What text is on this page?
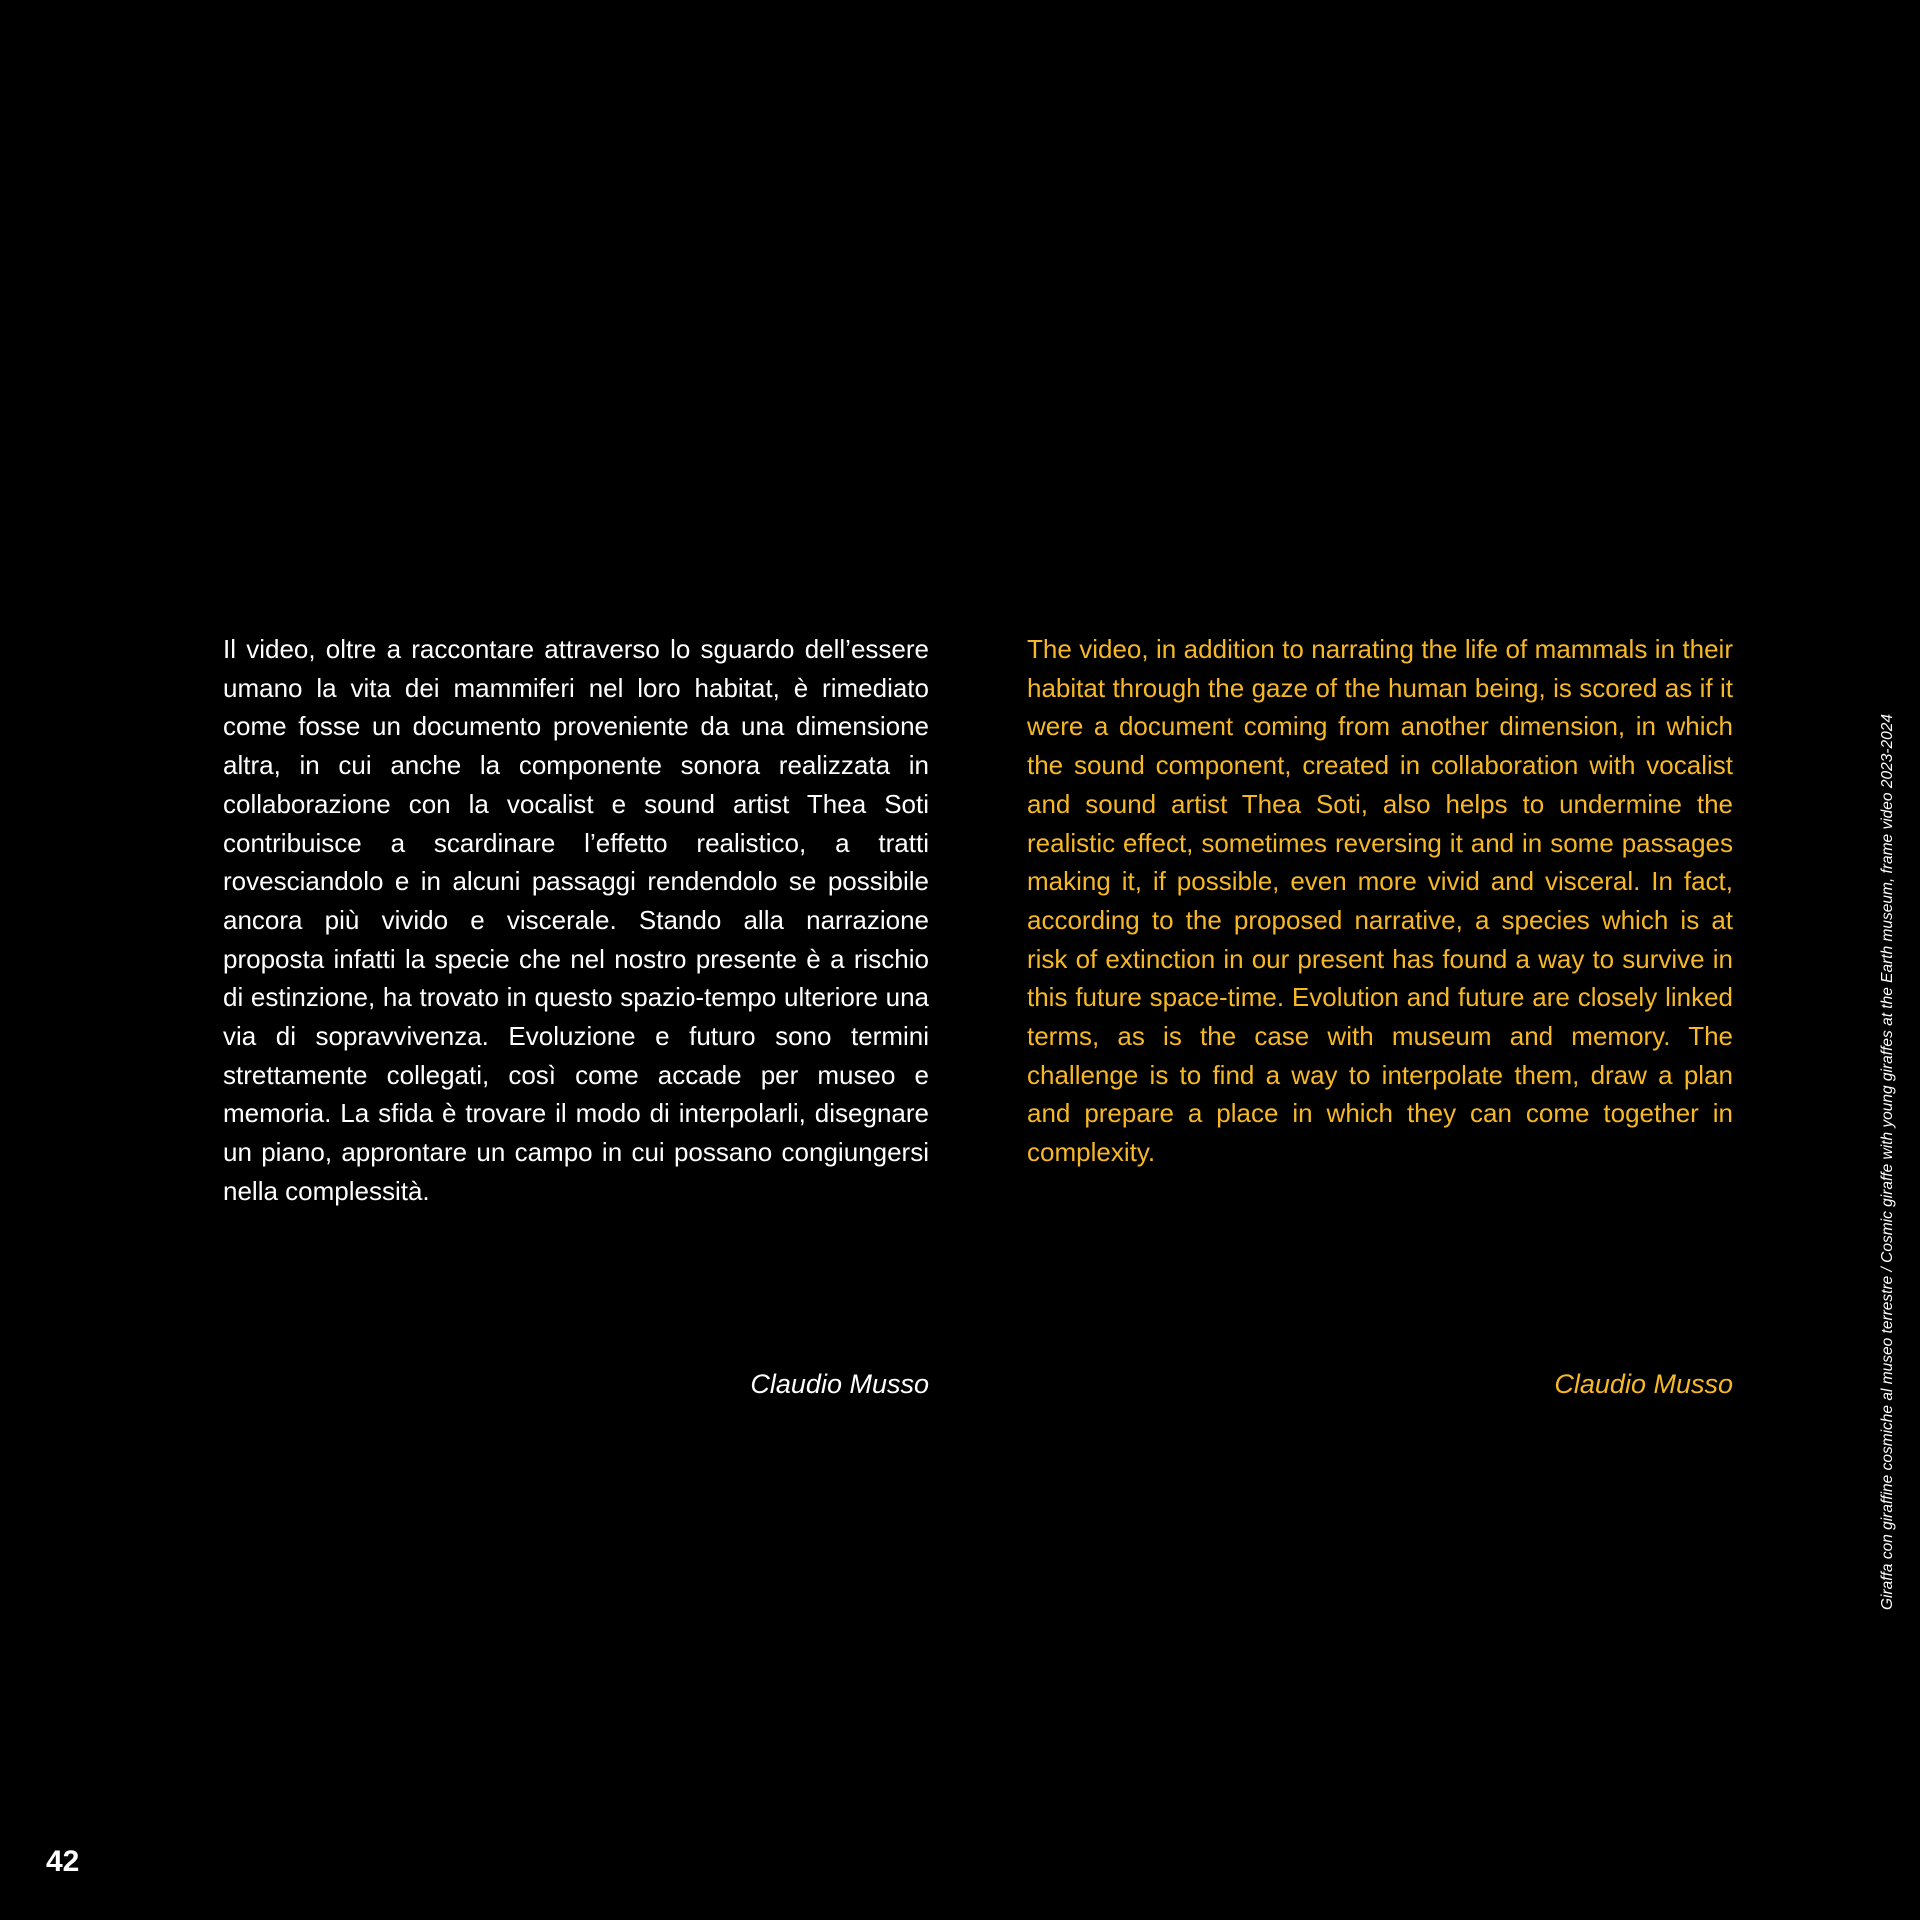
Il video, oltre a raccontare attraverso lo sguardo dell’essere umano la vita dei mammiferi nel loro habitat, è rimediato come fosse un documento proveniente da una dimensione altra, in cui anche la componente sonora realizzata in collaborazione con la vocalist e sound artist Thea Soti contribuisce a scardinare l’effetto realistico, a tratti rovesciandolo e in alcuni passaggi rendendolo se possibile ancora più vivido e viscerale. Stando alla narrazione proposta infatti la specie che nel nostro presente è a rischio di estinzione, ha trovato in questo spazio-tempo ulteriore una via di sopravvivenza. Evoluzione e futuro sono termini strettamente collegati, così come accade per museo e memoria. La sfida è trovare il modo di interpolarli, disegnare un piano, approntare un campo in cui possano congiungersi nella complessità.

The video, in addition to narrating the life of mammals in their habitat through the gaze of the human being, is scored as if it were a document coming from another dimension, in which the sound component, created in collaboration with vocalist and sound artist Thea Soti, also helps to undermine the realistic effect, sometimes reversing it and in some passages making it, if possible, even more vivid and visceral. In fact, according to the proposed narrative, a species which is at risk of extinction in our present has found a way to survive in this future space-time. Evolution and future are closely linked terms, as is the case with museum and memory. The challenge is to find a way to interpolate them, draw a plan and prepare a place in which they can come together in complexity.

Claudio Musso	Claudio Musso	Giraffa con giraffine cosmiche al museo terrestre / Cosmic giraffe with young giraffes at the Earth museum, frame video 2023-2024
42
